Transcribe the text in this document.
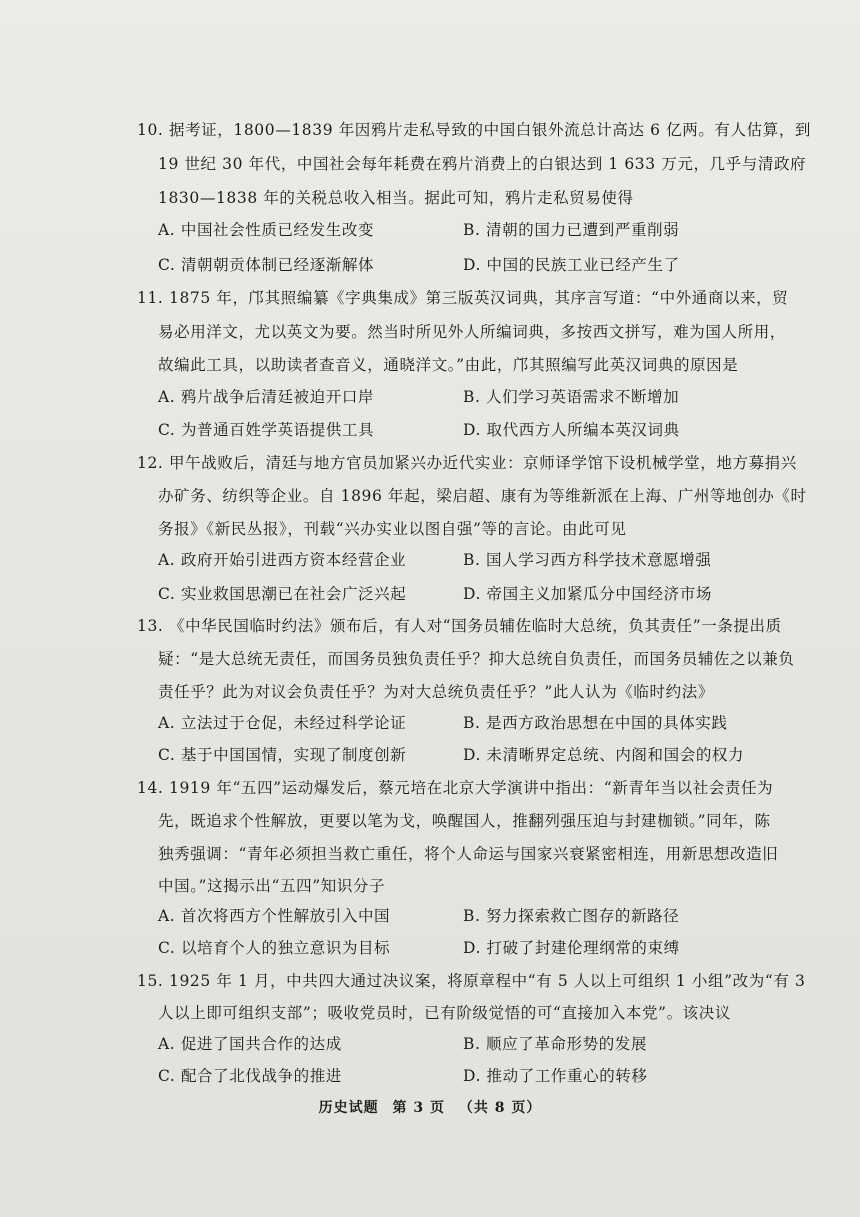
10. 据考证，1800—1839 年因鸦片走私导致的中国白银外流总计高达 6 亿两。有人估算，到
19 世纪 30 年代，中国社会每年耗费在鸦片消费上的白银达到 1 633 万元，几乎与清政府
1830—1838 年的关税总收入相当。据此可知，鸦片走私贸易使得
A. 中国社会性质已经发生改变	B. 清朝的国力已遭到严重削弱
C. 清朝朝贡体制已经逐渐解体	D. 中国的民族工业已经产生了
11. 1875 年，邝其照编纂《字典集成》第三版英汉词典，其序言写道：“中外通商以来，贸
易必用洋文，尤以英文为要。然当时所见外人所编词典，多按西文拼写，难为国人所用，
故编此工具，以助读者查音义，通晓洋文。”由此，邝其照编写此英汉词典的原因是
A. 鸦片战争后清廷被迫开口岸	B. 人们学习英语需求不断增加
C. 为普通百姓学英语提供工具	D. 取代西方人所编本英汉词典
12. 甲午战败后，清廷与地方官员加紧兴办近代实业：京师译学馆下设机械学堂，地方募捐兴
办矿务、纺织等企业。自 1896 年起，梁启超、康有为等维新派在上海、广州等地创办《时
务报》《新民丛报》，刊载“兴办实业以图自强”等的言论。由此可见
A. 政府开始引进西方资本经营企业	B. 国人学习西方科学技术意愿增强
C. 实业救国思潮已在社会广泛兴起	D. 帝国主义加紧瓜分中国经济市场
13. 《中华民国临时约法》颁布后，有人对“国务员辅佐临时大总统，负其责任”一条提出质
疑：“是大总统无责任，而国务员独负责任乎？抑大总统自负责任，而国务员辅佐之以兼负
责任乎？此为对议会负责任乎？为对大总统负责任乎？”此人认为《临时约法》
A. 立法过于仓促，未经过科学论证	B. 是西方政治思想在中国的具体实践
C. 基于中国国情，实现了制度创新	D. 未清晰界定总统、内阁和国会的权力
14. 1919 年“五四”运动爆发后，蔡元培在北京大学演讲中指出：“新青年当以社会责任为
先，既追求个性解放，更要以笔为戈，唤醒国人，推翻列强压迫与封建枷锁。”同年，陈
独秀强调：“青年必须担当救亡重任，将个人命运与国家兴衰紧密相连，用新思想改造旧
中国。”这揭示出“五四”知识分子
A. 首次将西方个性解放引入中国	B. 努力探索救亡图存的新路径
C. 以培育个人的独立意识为目标	D. 打破了封建伦理纲常的束缚
15. 1925 年 1 月，中共四大通过决议案，将原章程中“有 5 人以上可组织 1 小组”改为“有 3
人以上即可组织支部”；吸收党员时，已有阶级觉悟的可“直接加入本党”。该决议
A. 促进了国共合作的达成	B. 顺应了革命形势的发展
C. 配合了北伐战争的推进	D. 推动了工作重心的转移
历史试题 第 3 页 （共 8 页）
